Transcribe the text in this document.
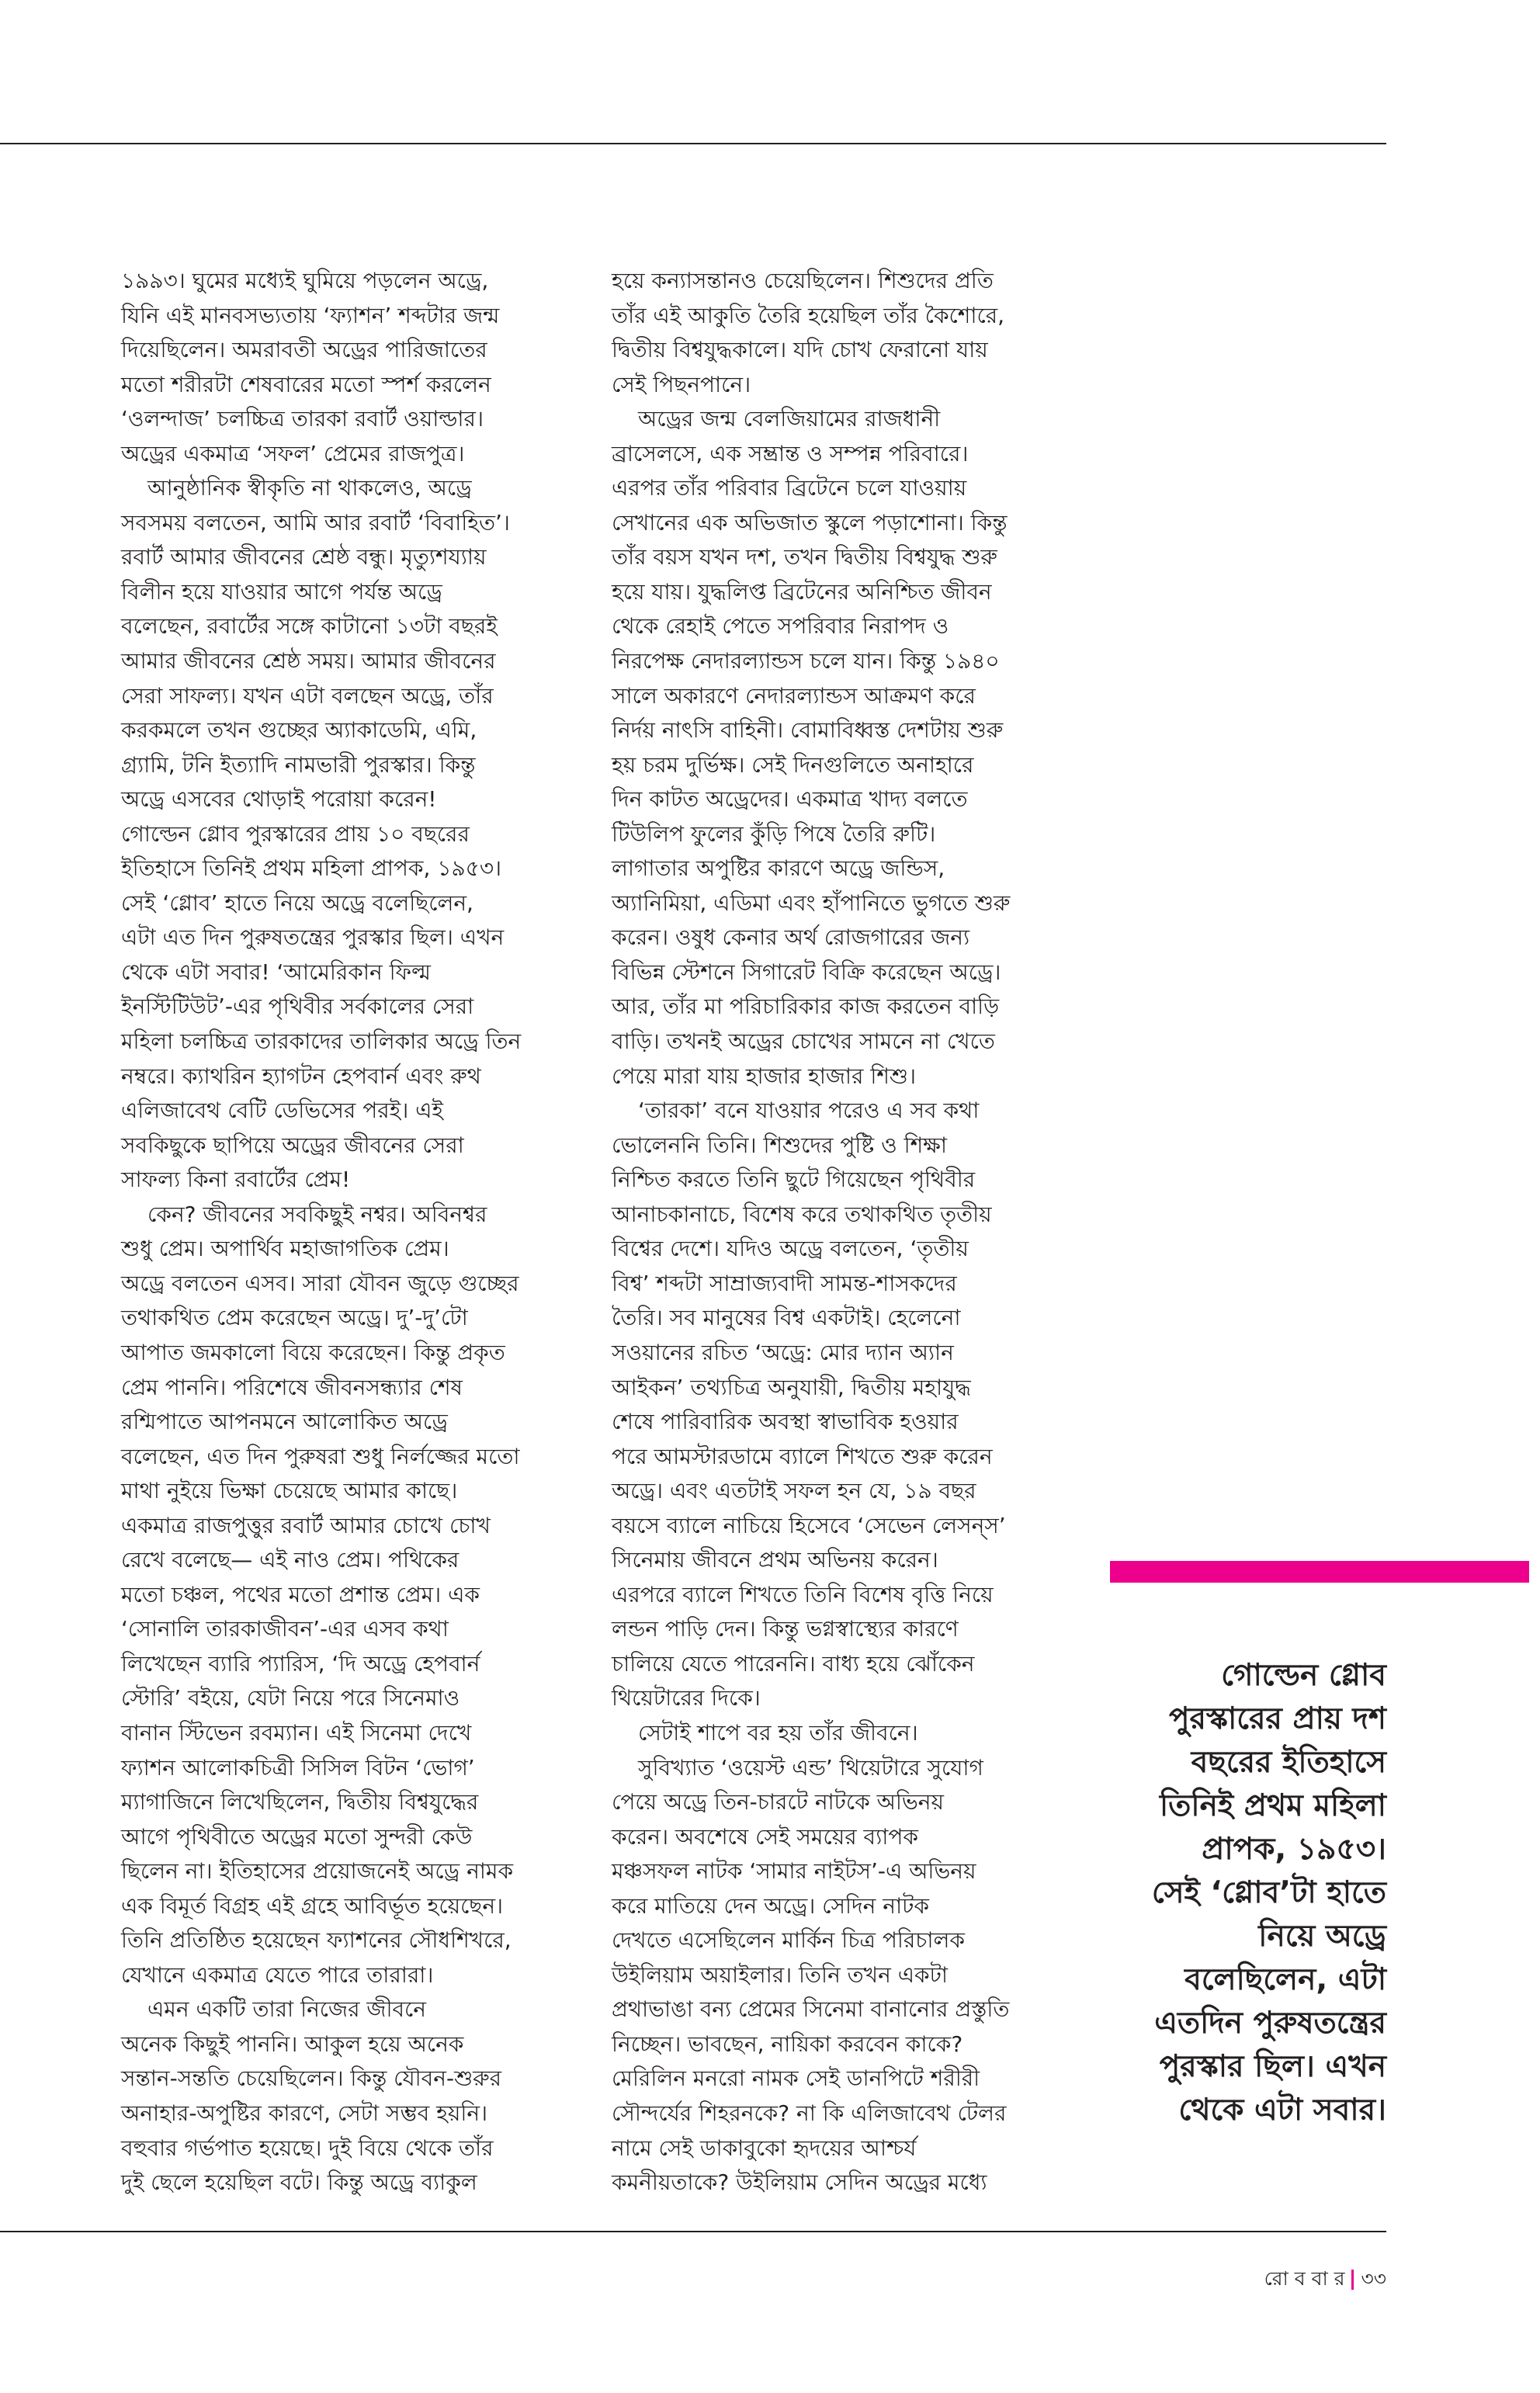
১৯৯৩। ঘুমের মধ্যেই ঘুমিয়ে পড়লেন অড্রে,
যিনি এই মানবসভ্যতায় ‘ফ্যাশন’ শব্দটার জন্ম
দিয়েছিলেন। অমরাবতী অড্রের পারিজাতের
মতো শরীরটা শেষবারের মতো স্পর্শ করলেন
‘ওলন্দাজ’ চলচ্চিত্র তারকা রবার্ট ওয়াল্ডার।
অড্রের একমাত্র ‘সফল’ প্রেমের রাজপুত্র।
আনুষ্ঠানিক স্বীকৃতি না থাকলেও, অড্রে
সবসময় বলতেন, আমি আর রবার্ট ‘বিবাহিত’।
রবার্ট আমার জীবনের শ্রেষ্ঠ বন্ধু। মৃত্যুশয্যায়
বিলীন হয়ে যাওয়ার আগে পর্যন্ত অড্রে
বলেছেন, রবার্টের সঙ্গে কাটানো ১৩টা বছরই
আমার জীবনের শ্রেষ্ঠ সময়। আমার জীবনের
সেরা সাফল্য। যখন এটা বলছেন অড্রে, তাঁর
করকমলে তখন গুচ্ছের অ্যাকাডেমি, এমি,
গ্র্যামি, টনি ইত্যাদি নামভারী পুরস্কার। কিন্তু
অড্রে এসবের থোড়াই পরোয়া করেন!
গোল্ডেন গ্লোব পুরস্কারের প্রায় ১০ বছরের
ইতিহাসে তিনিই প্রথম মহিলা প্রাপক, ১৯৫৩।
সেই ‘গ্লোব’ হাতে নিয়ে অড্রে বলেছিলেন,
এটা এত দিন পুরুষতন্ত্রের পুরস্কার ছিল। এখন
থেকে এটা সবার! ‘আমেরিকান ফিল্ম
ইনস্টিটিউট’-এর পৃথিবীর সর্বকালের সেরা
মহিলা চলচ্চিত্র তারকাদের তালিকার অড্রে তিন
নম্বরে। ক্যাথরিন হ্যাগটন হেপবার্ন এবং রুথ
এলিজাবেথ বেটি ডেভিসের পরই। এই
সবকিছুকে ছাপিয়ে অড্রের জীবনের সেরা
সাফল্য কিনা রবার্টের প্রেম!
কেন? জীবনের সবকিছুই নশ্বর। অবিনশ্বর
শুধু প্রেম। অপার্থিব মহাজাগতিক প্রেম।
অড্রে বলতেন এসব। সারা যৌবন জুড়ে গুচ্ছের
তথাকথিত প্রেম করেছেন অড্রে। দু’-দু’টো
আপাত জমকালো বিয়ে করেছেন। কিন্তু প্রকৃত
প্রেম পাননি। পরিশেষে জীবনসন্ধ্যার শেষ
রশ্মিপাতে আপনমনে আলোকিত অড্রে
বলেছেন, এত দিন পুরুষরা শুধু নির্লজ্জের মতো
মাথা নুইয়ে ভিক্ষা চেয়েছে আমার কাছে।
একমাত্র রাজপুত্তুর রবার্ট আমার চোখে চোখ
রেখে বলেছে— এই নাও প্রেম। পথিকের
মতো চঞ্চল, পথের মতো প্রশান্ত প্রেম। এক
‘সোনালি তারকাজীবন’-এর এসব কথা
লিখেছেন ব্যারি প্যারিস, ‘দি অড্রে হেপবার্ন
স্টোরি’ বইয়ে, যেটা নিয়ে পরে সিনেমাও
বানান স্টিভেন রবম্যান। এই সিনেমা দেখে
ফ্যাশন আলোকচিত্রী সিসিল বিটন ‘ভোগ’
ম্যাগাজিনে লিখেছিলেন, দ্বিতীয় বিশ্বযুদ্ধের
আগে পৃথিবীতে অড্রের মতো সুন্দরী কেউ
ছিলেন না। ইতিহাসের প্রয়োজনেই অড্রে নামক
এক বিমূর্ত বিগ্রহ এই গ্রহে আবির্ভূত হয়েছেন।
তিনি প্রতিষ্ঠিত হয়েছেন ফ্যাশনের সৌধশিখরে,
যেখানে একমাত্র যেতে পারে তারারা।
এমন একটি তারা নিজের জীবনে
অনেক কিছুই পাননি। আকুল হয়ে অনেক
সন্তান-সন্ততি চেয়েছিলেন। কিন্তু যৌবন-শুরুর
অনাহার-অপুষ্টির কারণে, সেটা সম্ভব হয়নি।
বহুবার গর্ভপাত হয়েছে। দুই বিয়ে থেকে তাঁর
দুই ছেলে হয়েছিল বটে। কিন্তু অড্রে ব্যাকুল
হয়ে কন্যাসন্তানও চেয়েছিলেন। শিশুদের প্রতি
তাঁর এই আকুতি তৈরি হয়েছিল তাঁর কৈশোরে,
দ্বিতীয় বিশ্বযুদ্ধকালে। যদি চোখ ফেরানো যায়
সেই পিছনপানে।
অড্রের জন্ম বেলজিয়ামের রাজধানী
ব্রাসেলসে, এক সম্ভ্রান্ত ও সম্পন্ন পরিবারে।
এরপর তাঁর পরিবার ব্রিটেনে চলে যাওয়ায়
সেখানের এক অভিজাত স্কুলে পড়াশোনা। কিন্তু
তাঁর বয়স যখন দশ, তখন দ্বিতীয় বিশ্বযুদ্ধ শুরু
হয়ে যায়। যুদ্ধলিপ্ত ব্রিটেনের অনিশ্চিত জীবন
থেকে রেহাই পেতে সপরিবার নিরাপদ ও
নিরপেক্ষ নেদারল্যান্ডস চলে যান। কিন্তু ১৯৪০
সালে অকারণে নেদারল্যান্ডস আক্রমণ করে
নির্দয় নাৎসি বাহিনী। বোমাবিধ্বস্ত দেশটায় শুরু
হয় চরম দুর্ভিক্ষ। সেই দিনগুলিতে অনাহারে
দিন কাটত অড্রেদের। একমাত্র খাদ্য বলতে
টিউলিপ ফুলের কুঁড়ি পিষে তৈরি রুটি।
লাগাতার অপুষ্টির কারণে অড্রে জন্ডিস,
অ্যানিমিয়া, এডিমা এবং হাঁপানিতে ভুগতে শুরু
করেন। ওষুধ কেনার অর্থ রোজগারের জন্য
বিভিন্ন স্টেশনে সিগারেট বিক্রি করেছেন অড্রে।
আর, তাঁর মা পরিচারিকার কাজ করতেন বাড়ি
বাড়ি। তখনই অড্রের চোখের সামনে না খেতে
পেয়ে মারা যায় হাজার হাজার শিশু।
‘তারকা’ বনে যাওয়ার পরেও এ সব কথা
ভোলেননি তিনি। শিশুদের পুষ্টি ও শিক্ষা
নিশ্চিত করতে তিনি ছুটে গিয়েছেন পৃথিবীর
আনাচকানাচে, বিশেষ করে তথাকথিত তৃতীয়
বিশ্বের দেশে। যদিও অড্রে বলতেন, ‘তৃতীয়
বিশ্ব’ শব্দটা সাম্রাজ্যবাদী সামন্ত-শাসকদের
তৈরি। সব মানুষের বিশ্ব একটাই। হেলেনো
সওয়ানের রচিত ‘অড্রে: মোর দ্যান অ্যান
আইকন’ তথ্যচিত্র অনুযায়ী, দ্বিতীয় মহাযুদ্ধ
শেষে পারিবারিক অবস্থা স্বাভাবিক হওয়ার
পরে আমস্টারডামে ব্যালে শিখতে শুরু করেন
অড্রে। এবং এতটাই সফল হন যে, ১৯ বছর
বয়সে ব্যালে নাচিয়ে হিসেবে ‘সেভেন লেসন্‌স’
সিনেমায় জীবনে প্রথম অভিনয় করেন।
এরপরে ব্যালে শিখতে তিনি বিশেষ বৃত্তি নিয়ে
লন্ডন পাড়ি দেন। কিন্তু ভগ্নস্বাস্থ্যের কারণে
চালিয়ে যেতে পারেননি। বাধ্য হয়ে ঝোঁকেন
থিয়েটারের দিকে।
সেটাই শাপে বর হয় তাঁর জীবনে।
সুবিখ্যাত ‘ওয়েস্ট এন্ড’ থিয়েটারে সুযোগ
পেয়ে অড্রে তিন-চারটে নাটকে অভিনয়
করেন। অবশেষে সেই সময়ের ব্যাপক
মঞ্চসফল নাটক ‘সামার নাইটস’-এ অভিনয়
করে মাতিয়ে দেন অড্রে। সেদিন নাটক
দেখতে এসেছিলেন মার্কিন চিত্র পরিচালক
উইলিয়াম অয়াইলার। তিনি তখন একটা
প্রথাভাঙা বন্য প্রেমের সিনেমা বানানোর প্রস্তুতি
নিচ্ছেন। ভাবছেন, নায়িকা করবেন কাকে?
মেরিলিন মনরো নামক সেই ডানপিটে শরীরী
সৌন্দর্যের শিহরনকে? না কি এলিজাবেথ টেলর
নামে সেই ডাকাবুকো হৃদয়ের আশ্চর্য
কমনীয়তাকে? উইলিয়াম সেদিন অড্রের মধ্যে
গোল্ডেন গ্লোব
পুরস্কারের প্রায় দশ
বছরের ইতিহাসে
তিনিই প্রথম মহিলা
প্রাপক, ১৯৫৩।
সেই ‘গ্লোব’টা হাতে
নিয়ে অড্রে
বলেছিলেন, এটা
এতদিন পুরুষতন্ত্রের
পুরস্কার ছিল। এখন
থেকে এটা সবার।
রো ব বা র ৩৩
